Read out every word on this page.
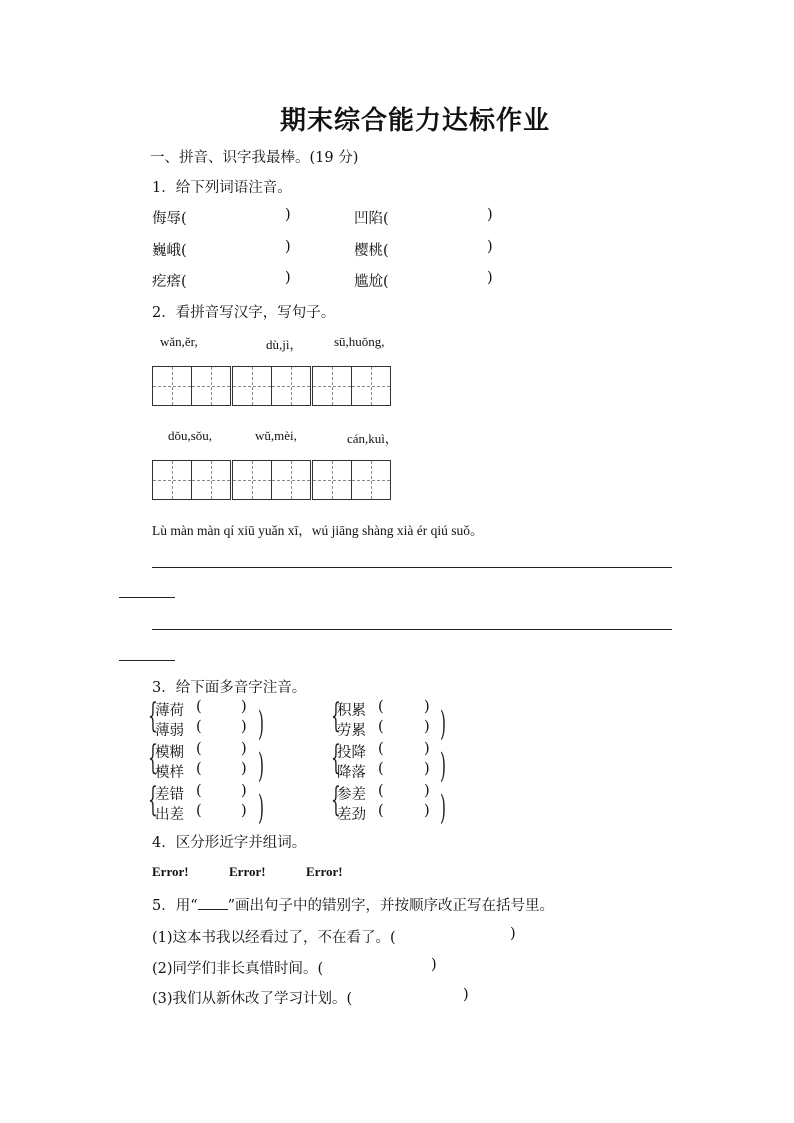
期末综合能力达标作业
一、拼音、识字我最棒。(19 分)
1．给下列词语注音。
侮辱(	)	凹陷(	)
巍峨(	)	樱桃(	)
疙瘩(	)	尴尬(	)
2．看拼音写汉字，写句子。
wǎn,ěr,	dù,jì， sū,huǒng,
dǒu,sǒu,	wǔ,mèi,	cán,kuì，
Lù màn màn qí xiū yuǎn xī，wú jiāng shàng xià ér qiú suǒ。
3．给下面多音字注音。
{
薄荷 (	)
薄弱 (	) ) {
积累 (	)
劳累 (	) )
{
模糊 (	)
模样 (	) ) {
投降 (	)
降落 (	) )
{
差错 (	)
出差 (	) ) {
参差 (	)
差劲 (	) )
4．区分形近字并组词。
Error!	Error!	Error!
5．用“ ”画出句子中的错别字，并按顺序改正写在括号里。
(1)这本书我以经看过了，不在看了。(	)
(2)同学们非长真惜时间。(	)
(3)我们从新休改了学习计划。(	)
